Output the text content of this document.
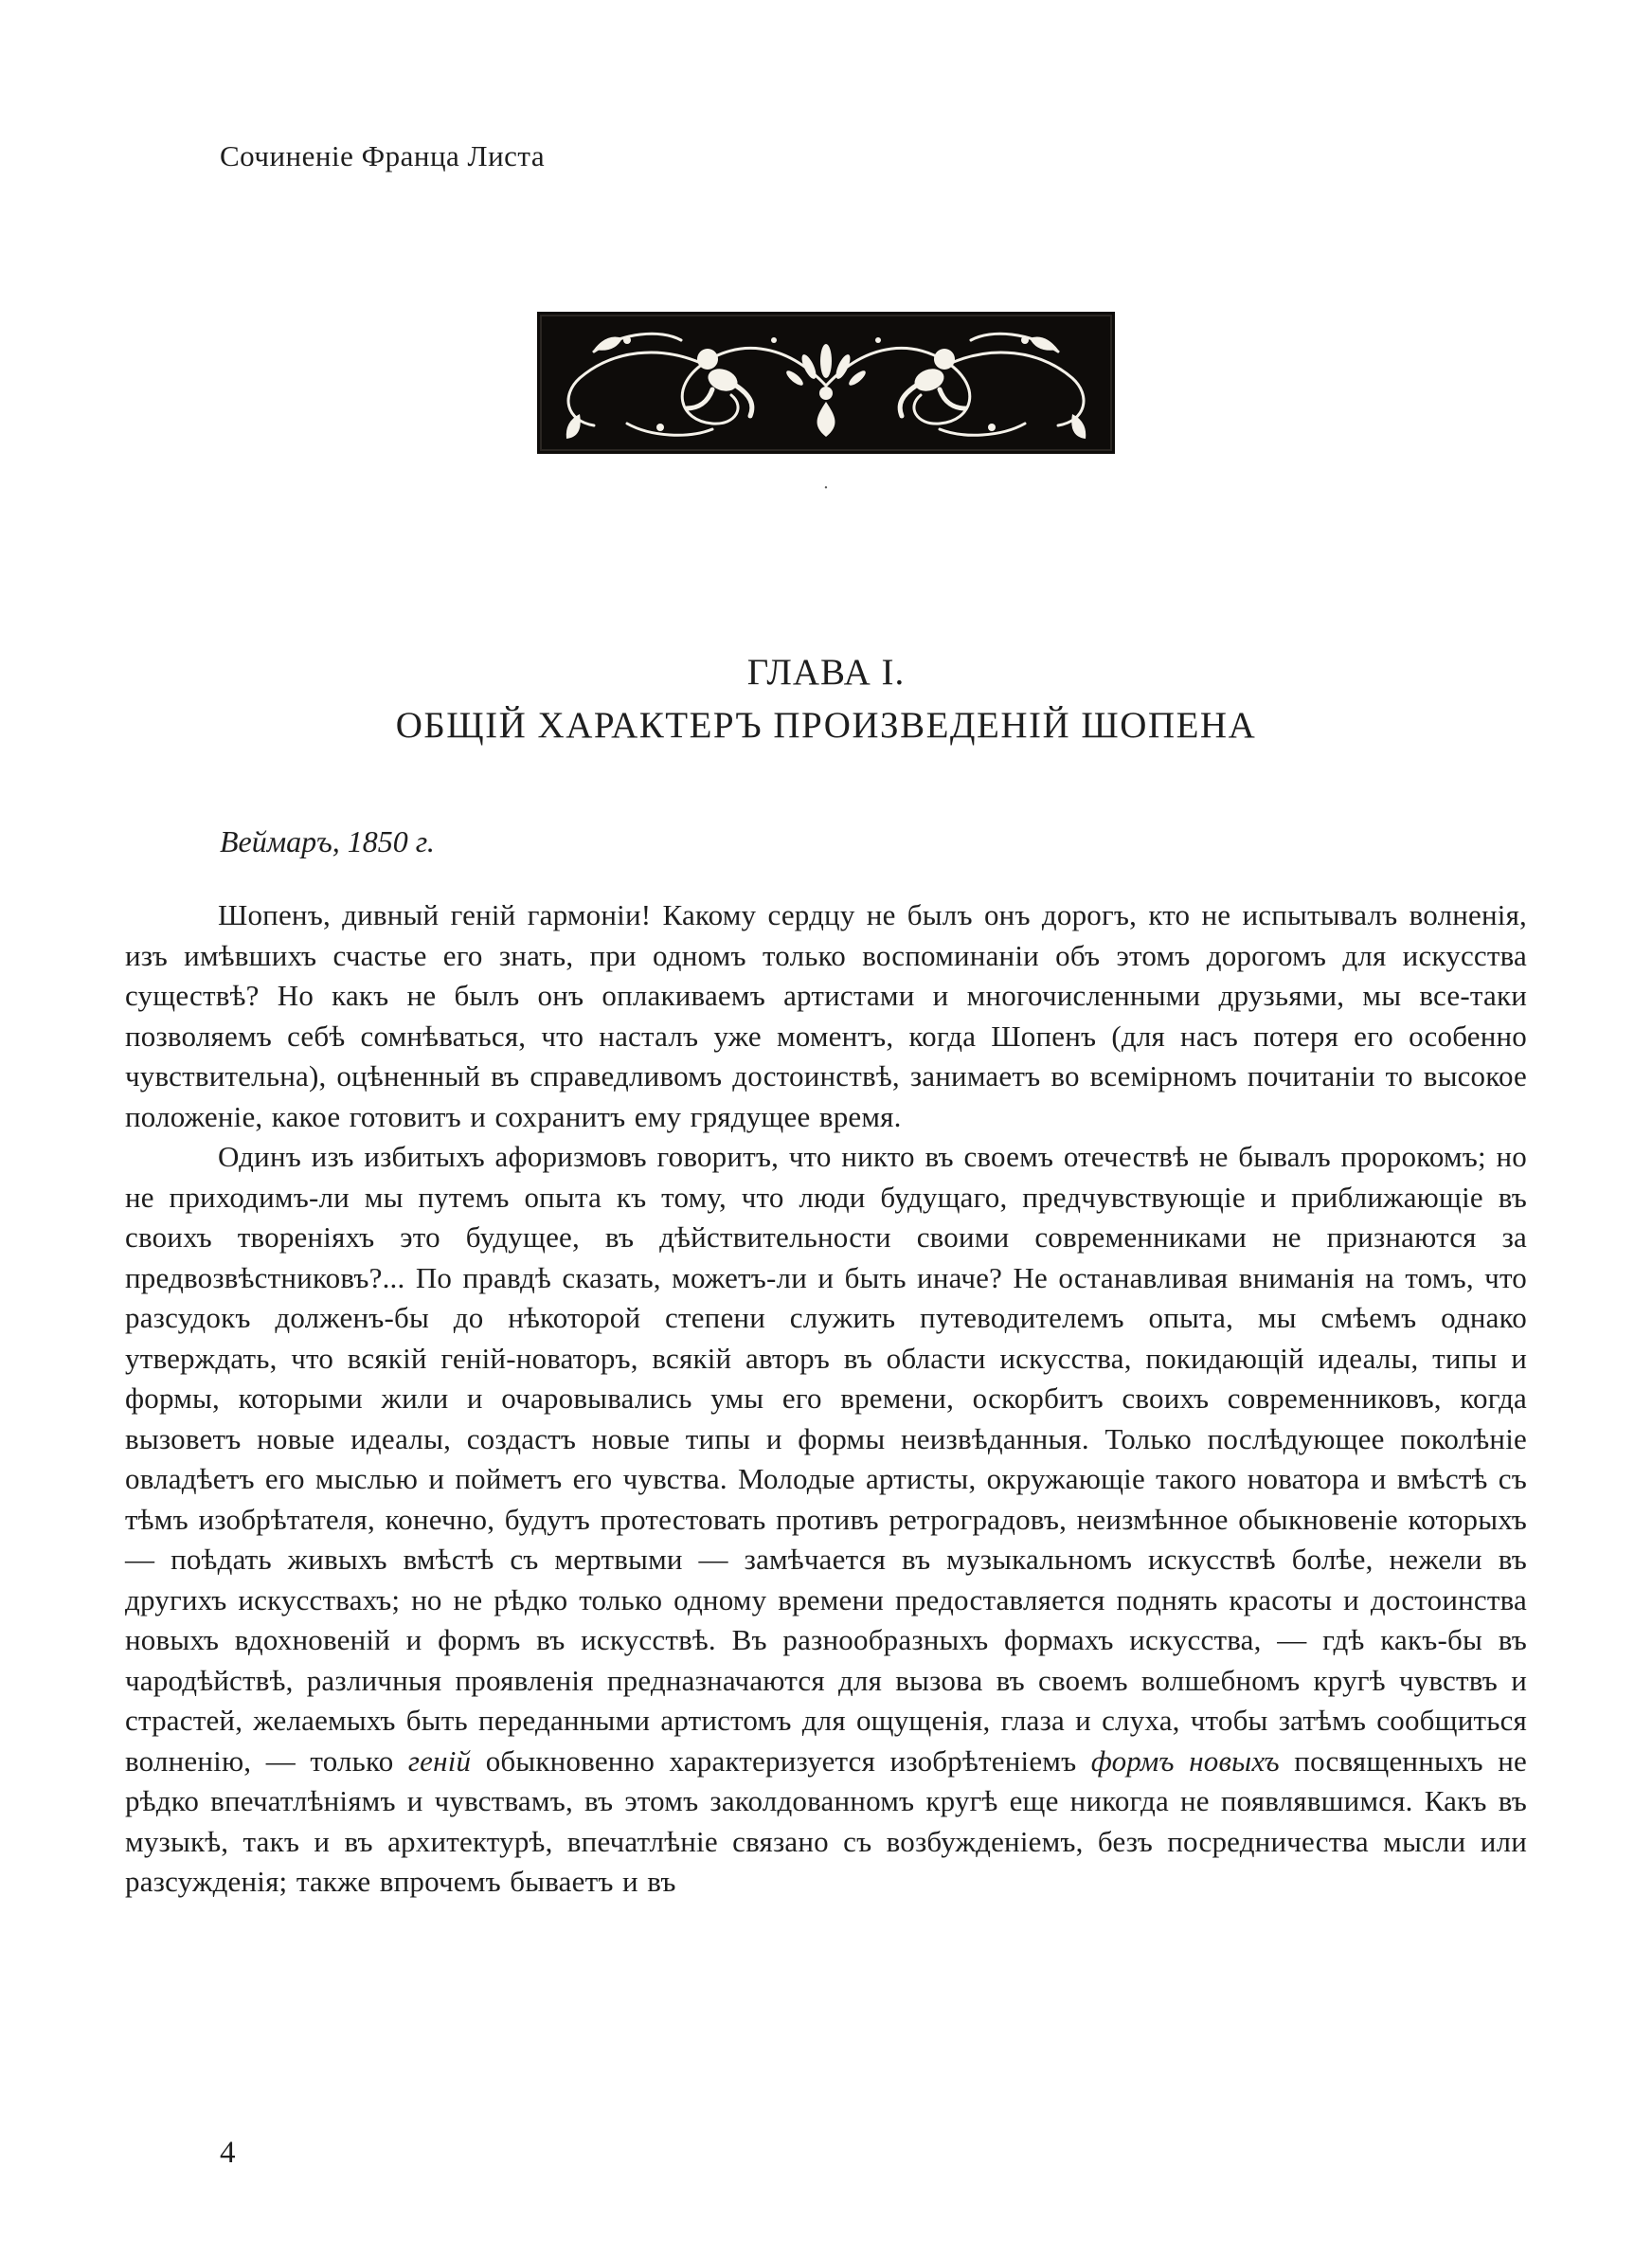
Сочиненіе Франца Листа
·
ГЛАВА I.
ОБЩІЙ ХАРАКТЕРЪ ПРОИЗВЕДЕНІЙ ШОПЕНА

Веймаръ, 1850 г.

Шопенъ, дивный геній гармоніи! Какому сердцу не былъ онъ дорогъ, кто не испытывалъ волненія, изъ имѣвшихъ счастье его знать, при одномъ только воспоминаніи объ этомъ дорогомъ для искусства существѣ? Но какъ не былъ онъ оплакиваемъ артистами и многочисленными друзьями, мы все-таки позволяемъ себѣ сомнѣваться, что насталъ уже моментъ, когда Шопенъ (для насъ потеря его особенно чувствительна), оцѣненный въ справедливомъ достоинствѣ, занимаетъ во всемірномъ почитаніи то высокое положеніе, какое готовитъ и сохранитъ ему грядущее время.

Одинъ изъ избитыхъ афоризмовъ говоритъ, что никто въ своемъ отечествѣ не бывалъ пророкомъ; но не приходимъ-ли мы путемъ опыта къ тому, что люди будущаго, предчувствующіе и приближающіе въ своихъ твореніяхъ это будущее, въ дѣйствительности своими современниками не признаются за предвозвѣстниковъ?... По правдѣ сказать, можетъ-ли и быть иначе? Не останавливая вниманія на томъ, что разсудокъ долженъ-бы до нѣкоторой степени служить путеводителемъ опыта, мы смѣемъ однако утверждать, что всякій геній-новаторъ, всякій авторъ въ области искусства, покидающій идеалы, типы и формы, которыми жили и очаровывались умы его времени, оскорбитъ своихъ современниковъ, когда вызоветъ новые идеалы, создастъ новые типы и формы неизвѣданныя. Только послѣдующее поколѣніе овладѣетъ его мыслью и пойметъ его чувства. Молодые артисты, окружающіе такого новатора и вмѣстѣ съ тѣмъ изобрѣтателя, конечно, будутъ протестовать противъ ретроградовъ, неизмѣнное обыкновеніе которыхъ — поѣдать живыхъ вмѣстѣ съ мертвыми — замѣчается въ музыкальномъ искусствѣ болѣе, нежели въ другихъ искусствахъ; но не рѣдко только одному времени предоставляется поднять красоты и достоинства новыхъ вдохновеній и формъ въ искусствѣ. Въ разнообразныхъ формахъ искусства, — гдѣ какъ-бы въ чародѣйствѣ, различныя проявленія предназначаются для вызова въ своемъ волшебномъ кругѣ чувствъ и страстей, желаемыхъ быть переданными артистомъ для ощущенія, глаза и слуха, чтобы затѣмъ сообщиться волненію, — только геній обыкновенно характеризуется изобрѣтеніемъ формъ новыхъ посвященныхъ не рѣдко впечатлѣніямъ и чувствамъ, въ этомъ заколдованномъ кругѣ еще никогда не появлявшимся. Какъ въ музыкѣ, такъ и въ архитектурѣ, впечатлѣніе связано съ возбужденіемъ, безъ посредничества мысли или разсужденія; также впрочемъ бываетъ и въ

4
